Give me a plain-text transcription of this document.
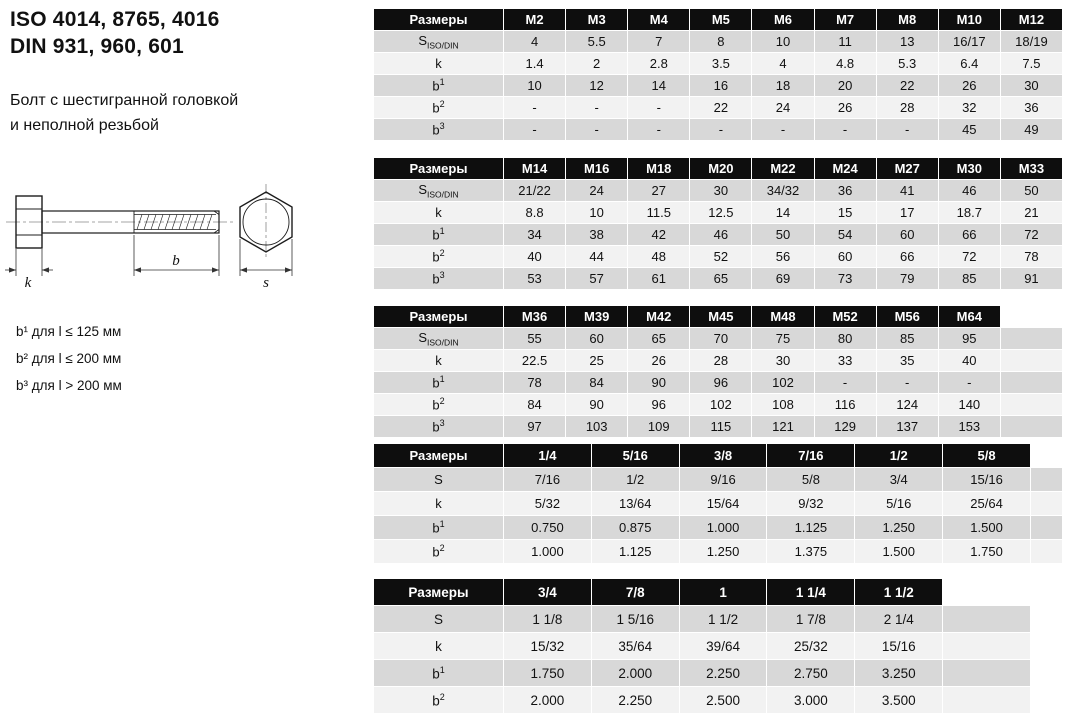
ISO 4014, 8765, 4016
DIN 931, 960, 601
Болт с шестигранной головкой
и неполной резьбой
k
b
s
b¹ для l ≤ 125 мм
b² для l ≤ 200 мм
b³ для l > 200 мм
Размеры	M2	M3	M4	M5	M6	M7	M8	M10	M12
$S_{ISO/DIN}$	4	5.5	7	8	10	11	13	16/17	18/19
k	1.4	2	2.8	3.5	4	4.8	5.3	6.4	7.5
$b^1$	10	12	14	16	18	20	22	26	30
$b^2$	-	-	-	22	24	26	28	32	36
$b^3$	-	-	-	-	-	-	-	45	49
Размеры	M14	M16	M18	M20	M22	M24	M27	M30	M33
$S_{ISO/DIN}$	21/22	24	27	30	34/32	36	41	46	50
k	8.8	10	11.5	12.5	14	15	17	18.7	21
$b^1$	34	38	42	46	50	54	60	66	72
$b^2$	40	44	48	52	56	60	66	72	78
$b^3$	53	57	61	65	69	73	79	85	91
Размеры	M36	M39	M42	M45	M48	M52	M56	M64	
$S_{ISO/DIN}$	55	60	65	70	75	80	85	95	
k	22.5	25	26	28	30	33	35	40	
$b^1$	78	84	90	96	102	-	-	-	
$b^2$	84	90	96	102	108	116	124	140	
$b^3$	97	103	109	115	121	129	137	153	
Размеры	1/4	5/16	3/8	7/16	1/2	5/8	
S	7/16	1/2	9/16	5/8	3/4	15/16	
k	5/32	13/64	15/64	9/32	5/16	25/64	
$b^1$	0.750	0.875	1.000	1.125	1.250	1.500	
$b^2$	1.000	1.125	1.250	1.375	1.500	1.750	
Размеры	3/4	7/8	1	1 1/4	1 1/2	
S	1 1/8	1 5/16	1 1/2	1 7/8	2 1/4	
k	15/32	35/64	39/64	25/32	15/16	
$b^1$	1.750	2.000	2.250	2.750	3.250	
$b^2$	2.000	2.250	2.500	3.000	3.500	
